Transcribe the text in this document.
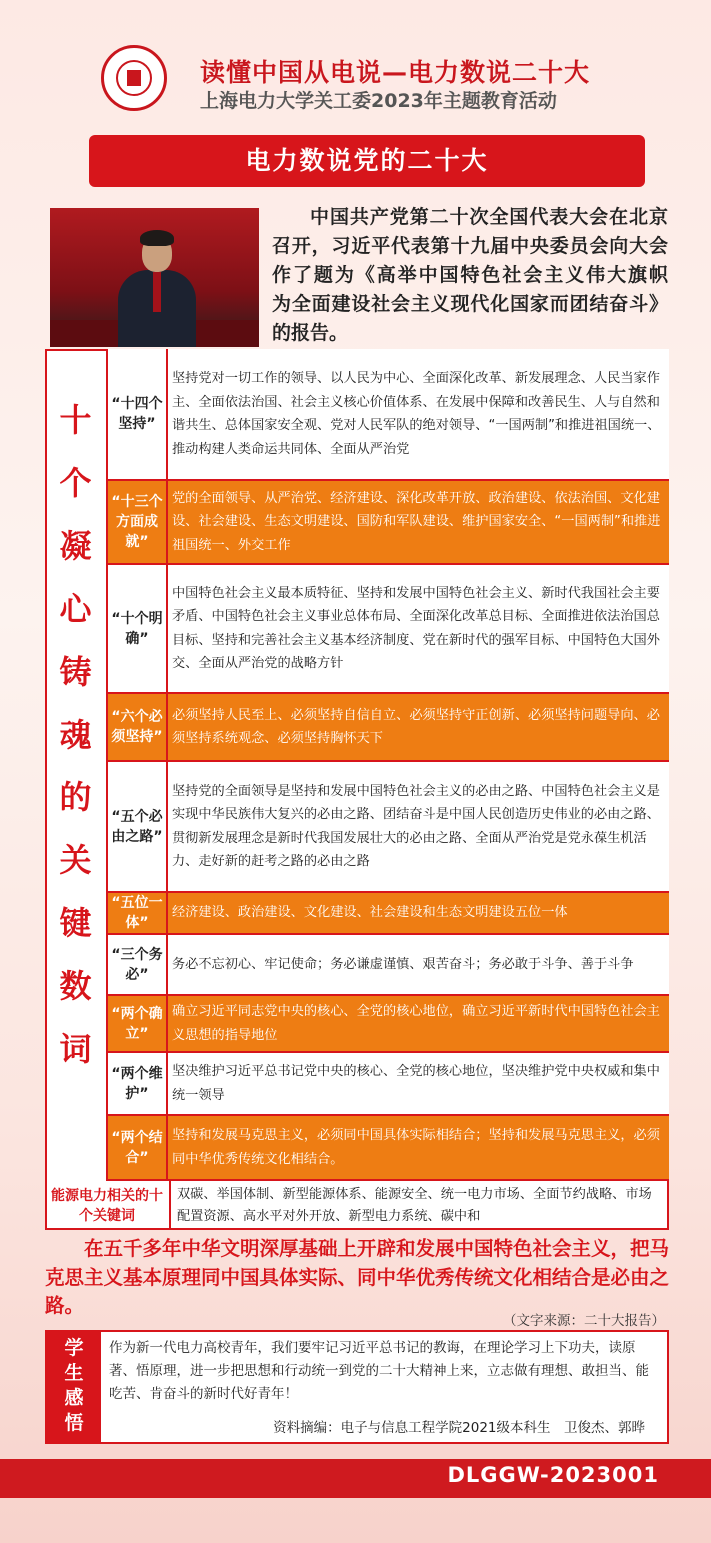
读懂中国从电说—电力数说二十大
上海电力大学关工委2023年主题教育活动
电力数说党的二十大

中国共产党第二十次全国代表大会在北京召开，习近平代表第十九届中央委员会向大会作了题为《高举中国特色社会主义伟大旗帜　为全面建设社会主义现代化国家而团结奋斗》的报告。

十
个
凝
心
铸
魂
的
关
键
数
词
“十四个坚持”
坚持党对一切工作的领导、以人民为中心、全面深化改革、新发展理念、人民当家作主、全面依法治国、社会主义核心价值体系、在发展中保障和改善民生、人与自然和谐共生、总体国家安全观、党对人民军队的绝对领导、“一国两制”和推进祖国统一、推动构建人类命运共同体、全面从严治党
“十三个方面成就”
党的全面领导、从严治党、经济建设、深化改革开放、政治建设、依法治国、文化建设、社会建设、生态文明建设、国防和军队建设、维护国家安全、“一国两制”和推进祖国统一、外交工作
“十个明确”
中国特色社会主义最本质特征、坚持和发展中国特色社会主义、新时代我国社会主要矛盾、中国特色社会主义事业总体布局、全面深化改革总目标、全面推进依法治国总目标、坚持和完善社会主义基本经济制度、党在新时代的强军目标、中国特色大国外交、全面从严治党的战略方针
“六个必须坚持”
必须坚持人民至上、必须坚持自信自立、必须坚持守正创新、必须坚持问题导向、必须坚持系统观念、必须坚持胸怀天下
“五个必由之路”
坚持党的全面领导是坚持和发展中国特色社会主义的必由之路、中国特色社会主义是实现中华民族伟大复兴的必由之路、团结奋斗是中国人民创造历史伟业的必由之路、贯彻新发展理念是新时代我国发展壮大的必由之路、全面从严治党是党永葆生机活力、走好新的赶考之路的必由之路
“五位一体”
经济建设、政治建设、文化建设、社会建设和生态文明建设五位一体
“三个务必”
务必不忘初心、牢记使命；务必谦虚谨慎、艰苦奋斗；务必敢于斗争、善于斗争
“两个确立”
确立习近平同志党中央的核心、全党的核心地位，确立习近平新时代中国特色社会主义思想的指导地位
“两个维护”
坚决维护习近平总书记党中央的核心、全党的核心地位，坚决维护党中央权威和集中统一领导
“两个结合”
坚持和发展马克思主义，必须同中国具体实际相结合；坚持和发展马克思主义，必须同中华优秀传统文化相结合。
能源电力相关的十个关键词
双碳、举国体制、新型能源体系、能源安全、统一电力市场、全面节约战略、市场配置资源、高水平对外开放、新型电力系统、碳中和

在五千多年中华文明深厚基础上开辟和发展中国特色社会主义，把马克思主义基本原理同中国具体实际、同中华优秀传统文化相结合是必由之路。

（文字来源：二十大报告）
学生感悟
作为新一代电力高校青年，我们要牢记习近平总书记的教诲，在理论学习上下功夫，读原著、悟原理，进一步把思想和行动统一到党的二十大精神上来，立志做有理想、敢担当、能吃苦、肯奋斗的新时代好青年！
资料摘编：电子与信息工程学院2021级本科生　卫俊杰、郭晔
DLGGW-2023001
